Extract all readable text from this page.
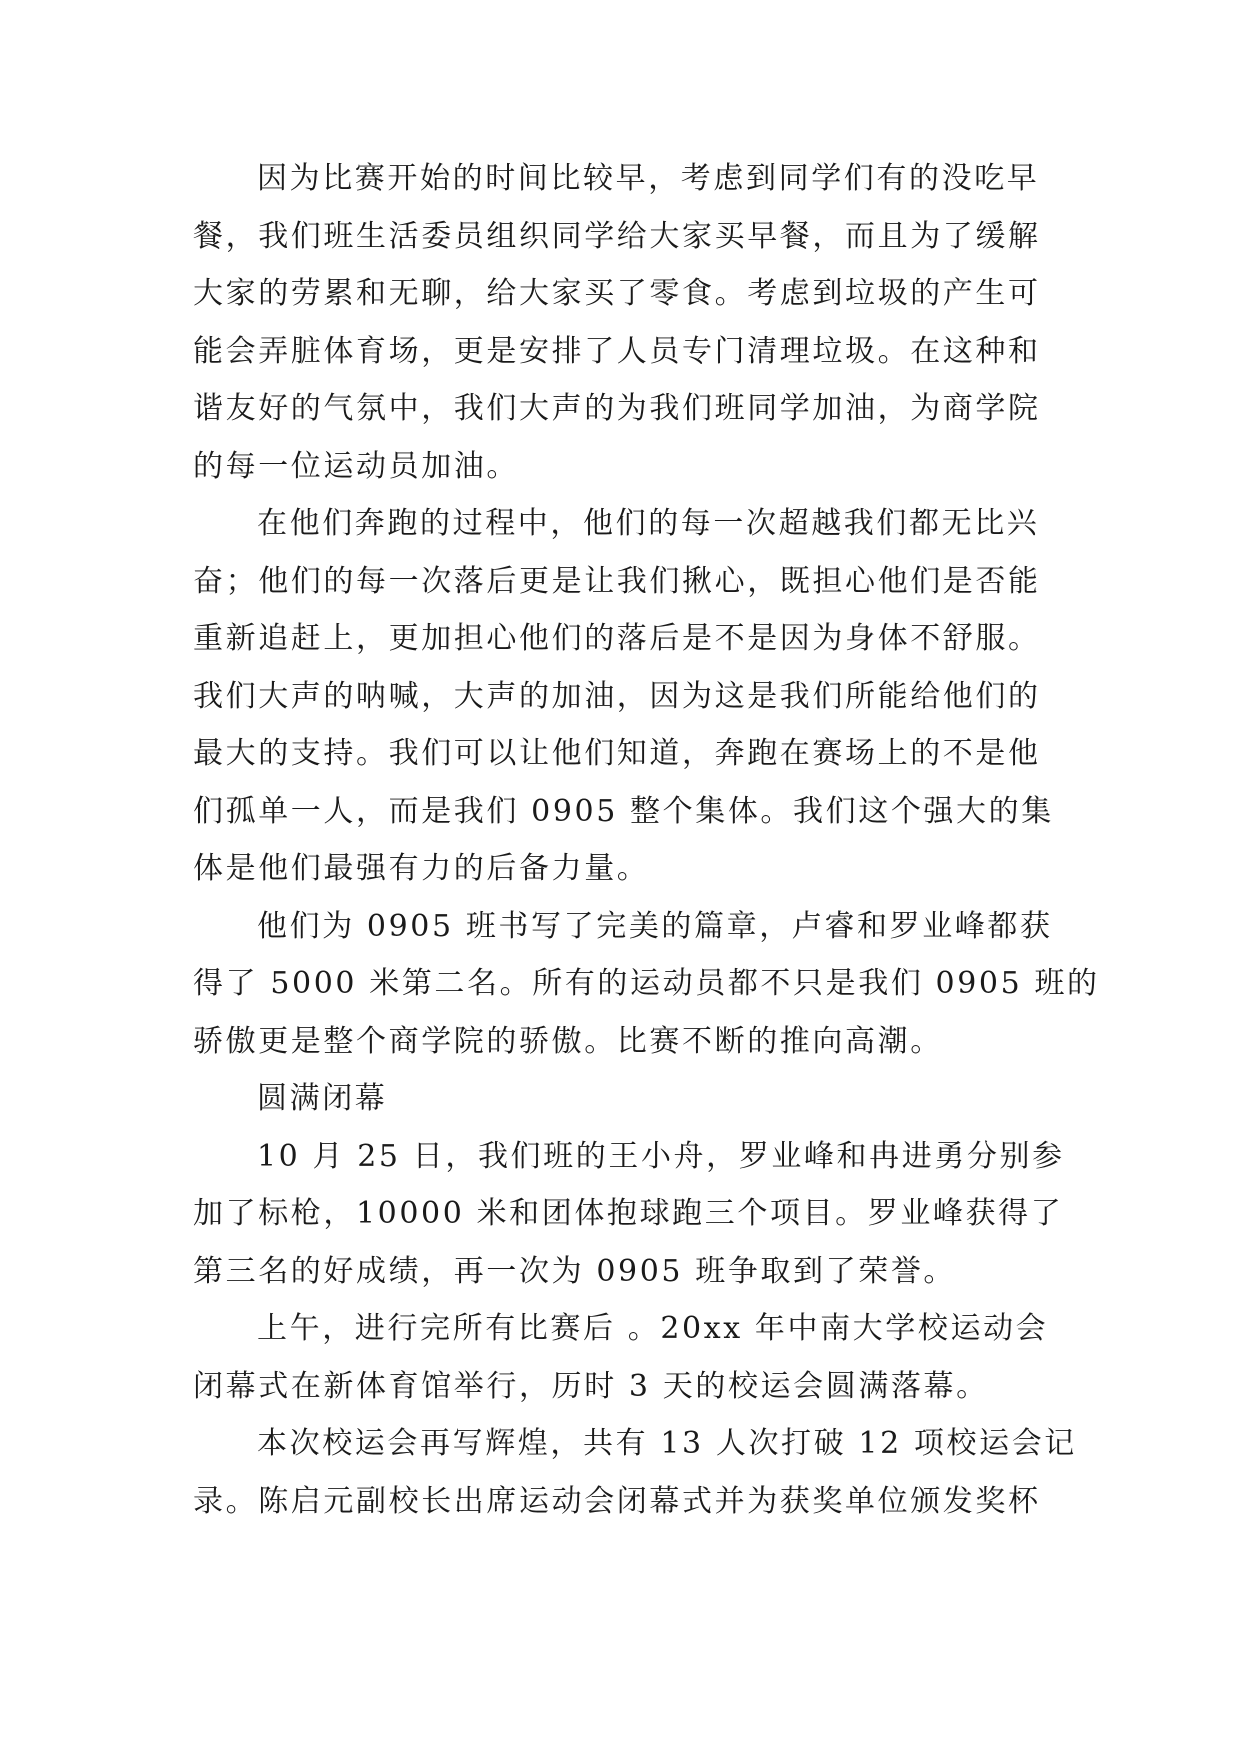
因为比赛开始的时间比较早，考虑到同学们有的没吃早
餐，我们班生活委员组织同学给大家买早餐，而且为了缓解
大家的劳累和无聊，给大家买了零食。考虑到垃圾的产生可
能会弄脏体育场，更是安排了人员专门清理垃圾。在这种和
谐友好的气氛中，我们大声的为我们班同学加油，为商学院
的每一位运动员加油。
在他们奔跑的过程中，他们的每一次超越我们都无比兴
奋；他们的每一次落后更是让我们揪心，既担心他们是否能
重新追赶上，更加担心他们的落后是不是因为身体不舒服。
我们大声的呐喊，大声的加油，因为这是我们所能给他们的
最大的支持。我们可以让他们知道，奔跑在赛场上的不是他
们孤单一人，而是我们 0905 整个集体。我们这个强大的集
体是他们最强有力的后备力量。
他们为 0905 班书写了完美的篇章，卢睿和罗业峰都获
得了 5000 米第二名。所有的运动员都不只是我们 0905 班的
骄傲更是整个商学院的骄傲。比赛不断的推向高潮。
圆满闭幕
10 月 25 日，我们班的王小舟，罗业峰和冉进勇分别参
加了标枪，10000 米和团体抱球跑三个项目。罗业峰获得了
第三名的好成绩，再一次为 0905 班争取到了荣誉。
上午，进行完所有比赛后 。20xx 年中南大学校运动会
闭幕式在新体育馆举行，历时 3 天的校运会圆满落幕。
本次校运会再写辉煌，共有 13 人次打破 12 项校运会记
录。陈启元副校长出席运动会闭幕式并为获奖单位颁发奖杯
